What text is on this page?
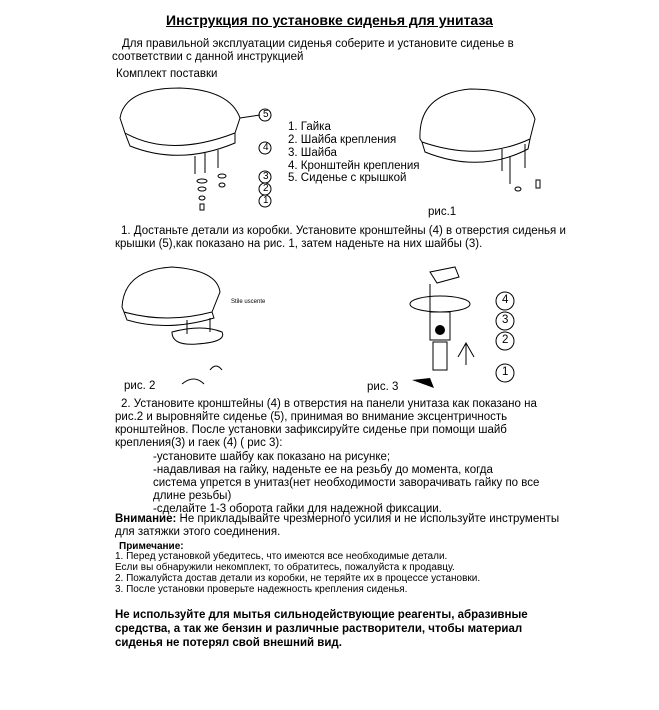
Инструкция по установке сиденья для унитаза
Для правильной эксплуатации сиденья соберите и установите сиденье в
соответствии с данной инструкцией
Комплект поставки
5
4
3
2
1
1. Гайка
2. Шайба крепления
3. Шайба
4. Кронштейн крепления
5. Сиденье с крышкой
рис.1
1. Достаньте детали из коробки. Установите кронштейны (4) в отверстия сиденья и
крышки (5),как показано на рис. 1, затем наденьте на них шайбы (3).
Stile uscente
рис. 2
4
3
2
1
рис. 3
2. Установите кронштейны (4) в отверстия на панели унитаза как показано на
рис.2 и выровняйте сиденье (5), принимая во внимание эксцентричность
кронштейнов. После установки зафиксируйте сиденье при помощи шайб
крепления(3) и гаек (4) ( рис 3):
-установите шайбу как показано на рисунке;
-надавливая на гайку, наденьте ее на резьбу до момента, когда
система упрется в унитаз(нет необходимости заворачивать гайку по все
длине резьбы)
-сделайте 1-3 оборота гайки для надежной фиксации.
Внимание: Не прикладывайте чрезмерного усилия и не используйте инструменты
для затяжки этого соединения.
Примечание:
1. Перед установкой убедитесь, что имеются все необходимые детали.
Если вы обнаружили некомплект, то обратитесь, пожалуйста к продавцу.
2. Пожалуйста достав детали из коробки, не теряйте их в процессе установки.
3. После установки проверьте надежность крепления сиденья.
Не используйте для мытья сильнодействующие реагенты, абразивные
средства, а так же бензин и различные растворители, чтобы материал
сиденья не потерял свой внешний вид.
